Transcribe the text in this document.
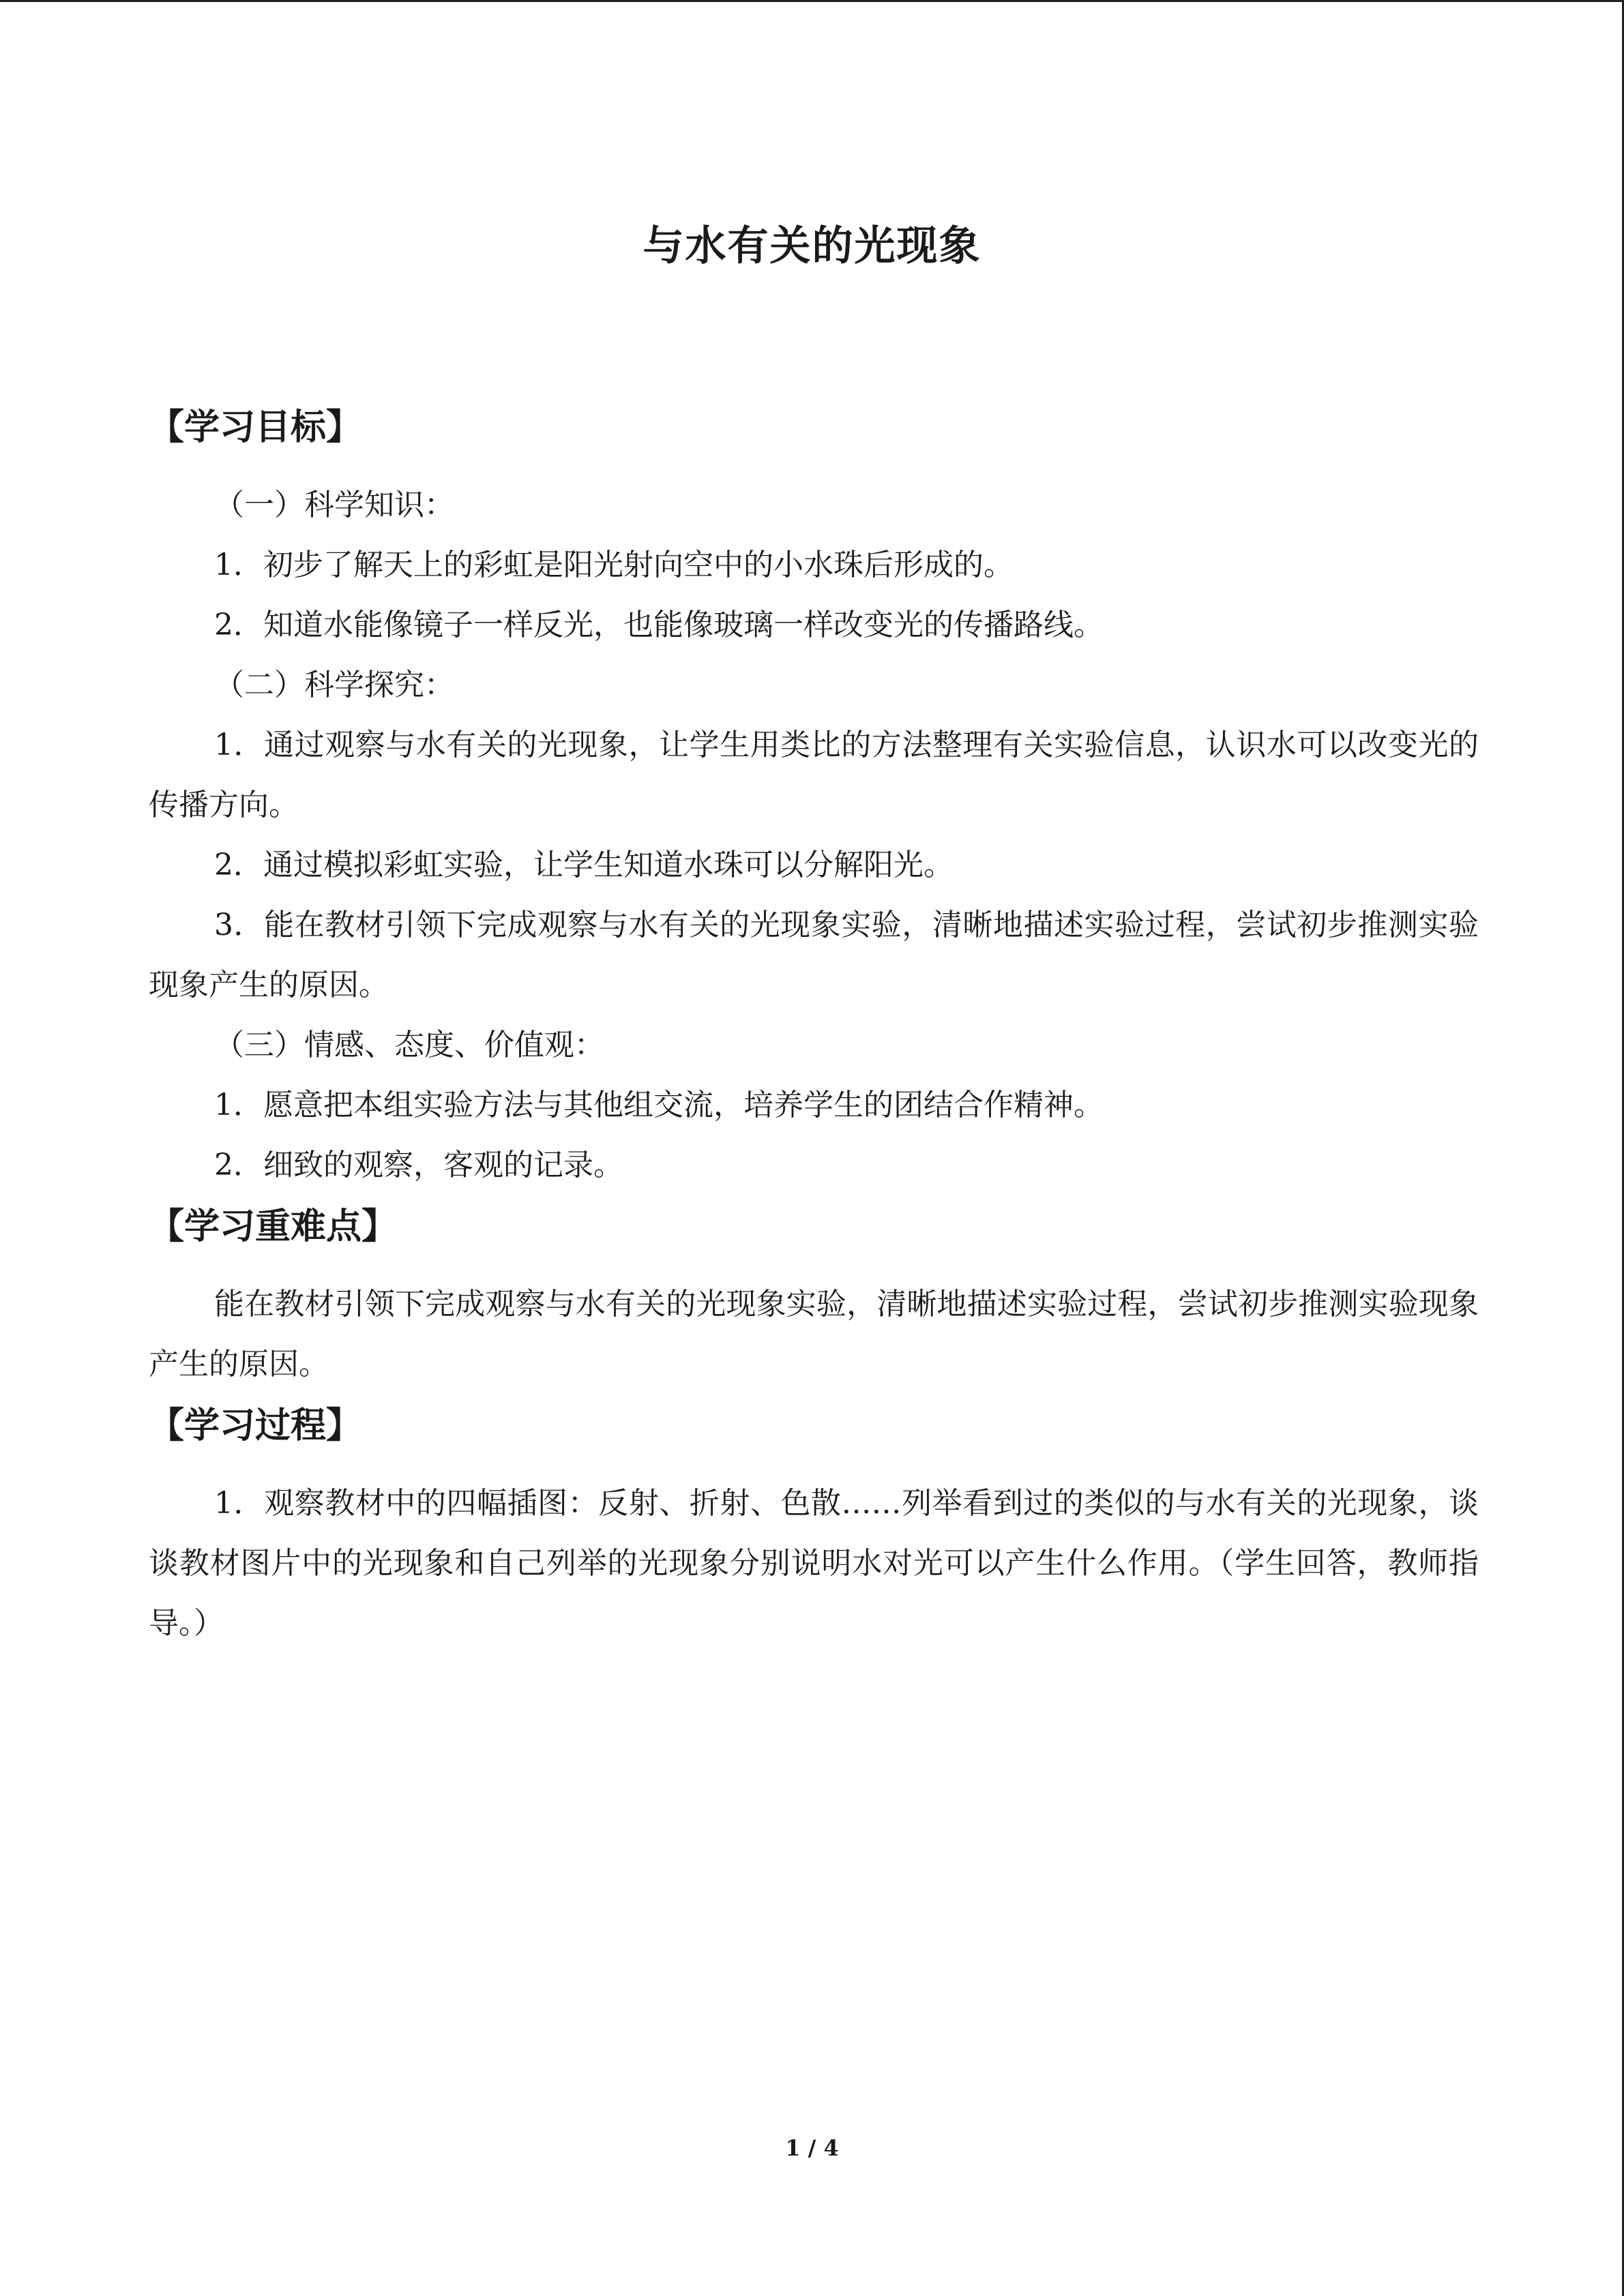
与水有关的光现象

【学习目标】

（一）科学知识：

1．初步了解天上的彩虹是阳光射向空中的小水珠后形成的。

2．知道水能像镜子一样反光，也能像玻璃一样改变光的传播路线。

（二）科学探究：

1．通过观察与水有关的光现象，让学生用类比的方法整理有关实验信息，认识水可以改变光的传播方向。

2．通过模拟彩虹实验，让学生知道水珠可以分解阳光。

3．能在教材引领下完成观察与水有关的光现象实验，清晰地描述实验过程，尝试初步推测实验现象产生的原因。

（三）情感、态度、价值观：

1．愿意把本组实验方法与其他组交流，培养学生的团结合作精神。

2．细致的观察，客观的记录。

【学习重难点】

能在教材引领下完成观察与水有关的光现象实验，清晰地描述实验过程，尝试初步推测实验现象产生的原因。

【学习过程】

1．观察教材中的四幅插图：反射、折射、色散……列举看到过的类似的与水有关的光现象，谈谈教材图片中的光现象和自己列举的光现象分别说明水对光可以产生什么作用。（学生回答，教师指导。）

1 / 4
